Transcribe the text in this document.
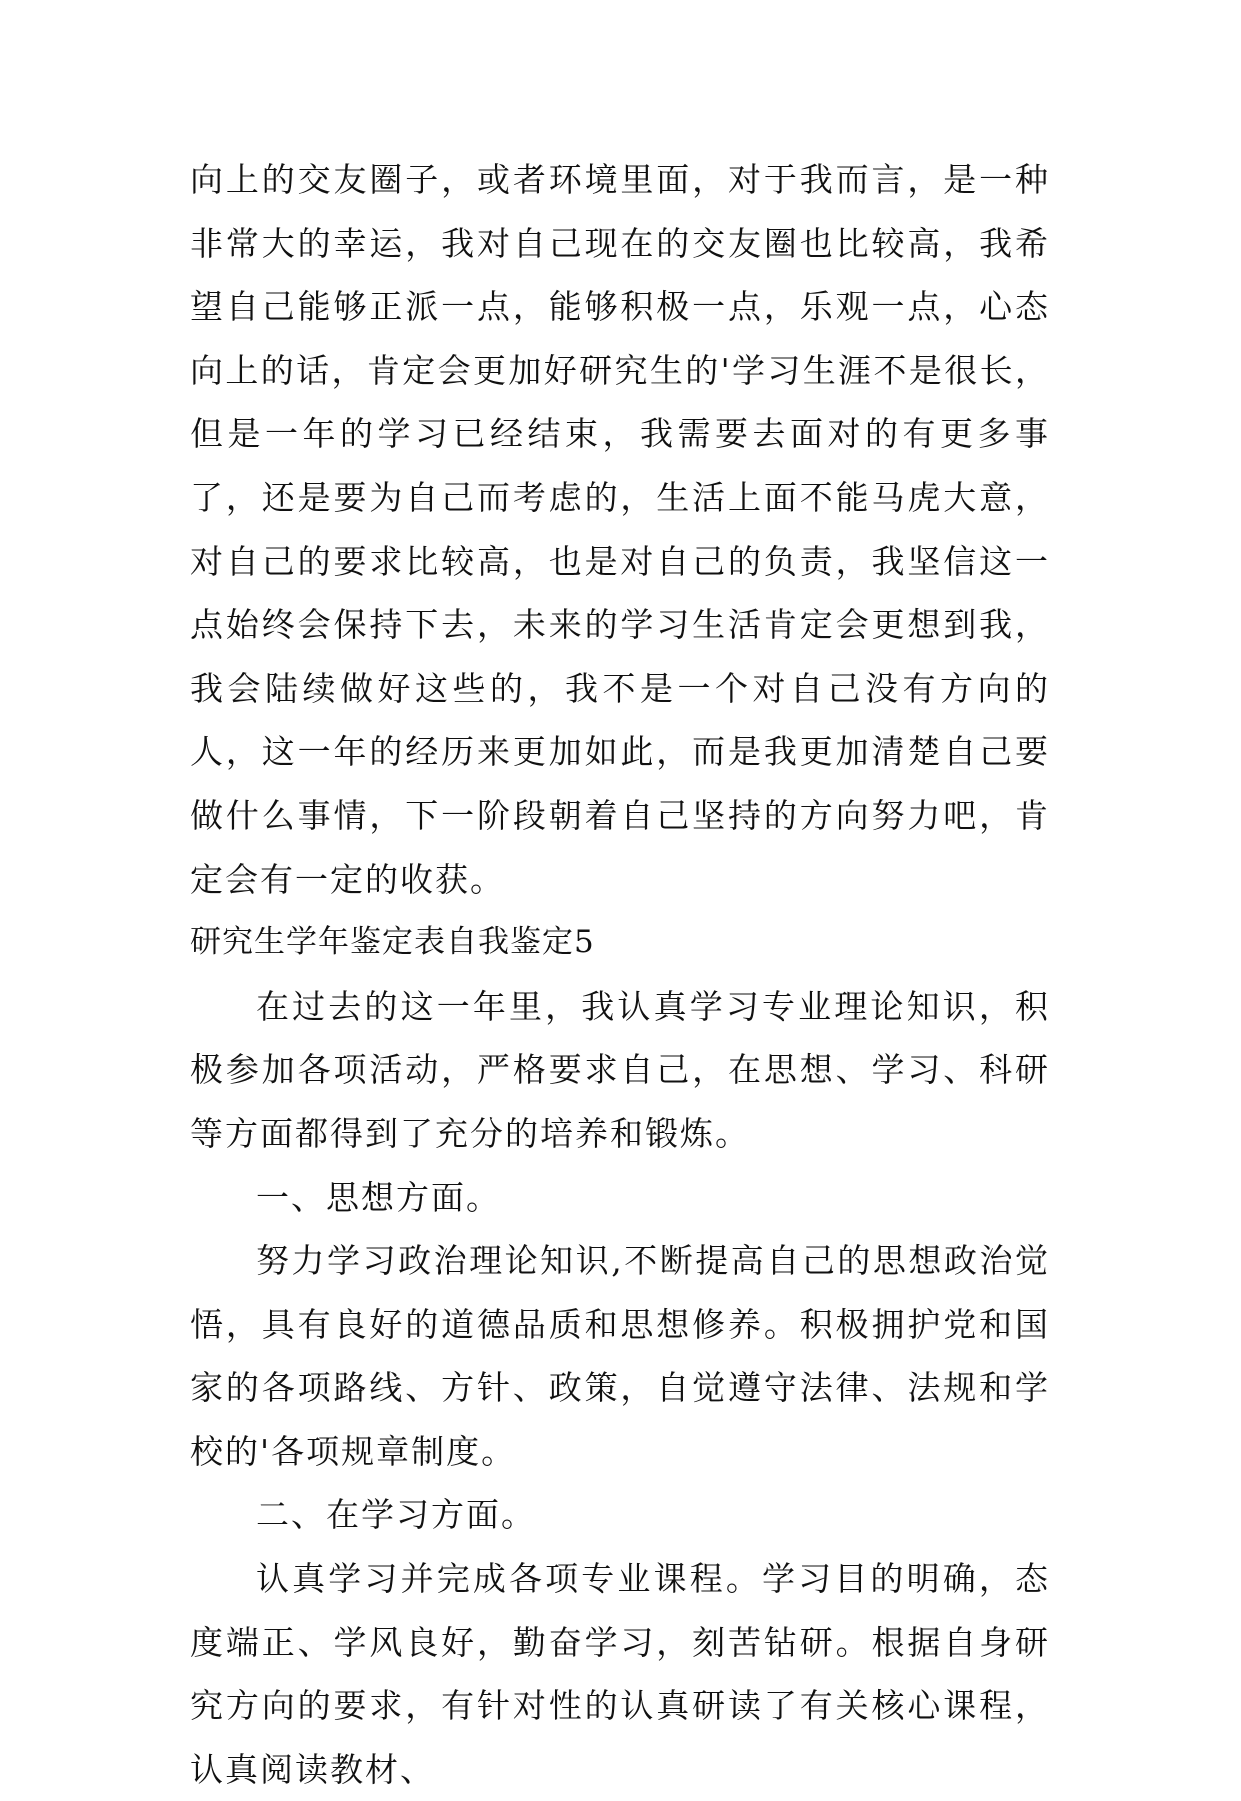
向上的交友圈子，或者环境里面，对于我而言，是一种非常大的幸运，我对自己现在的交友圈也比较高，我希望自己能够正派一点，能够积极一点，乐观一点，心态向上的话，肯定会更加好研究生的'学习生涯不是很长，但是一年的学习已经结束，我需要去面对的有更多事了，还是要为自己而考虑的，生活上面不能马虎大意，对自己的要求比较高，也是对自己的负责，我坚信这一点始终会保持下去，未来的学习生活肯定会更想到我，我会陆续做好这些的，我不是一个对自己没有方向的人，这一年的经历来更加如此，而是我更加清楚自己要做什么事情，下一阶段朝着自己坚持的方向努力吧，肯定会有一定的收获。

研究生学年鉴定表自我鉴定5

在过去的这一年里，我认真学习专业理论知识，积极参加各项活动，严格要求自己，在思想、学习、科研等方面都得到了充分的培养和锻炼。

一、思想方面。

努力学习政治理论知识,不断提高自己的思想政治觉悟，具有良好的道德品质和思想修养。积极拥护党和国家的各项路线、方针、政策，自觉遵守法律、法规和学校的'各项规章制度。

二、在学习方面。

认真学习并完成各项专业课程。学习目的明确，态度端正、学风良好，勤奋学习，刻苦钻研。根据自身研究方向的要求，有针对性的认真研读了有关核心课程，认真阅读教材、
